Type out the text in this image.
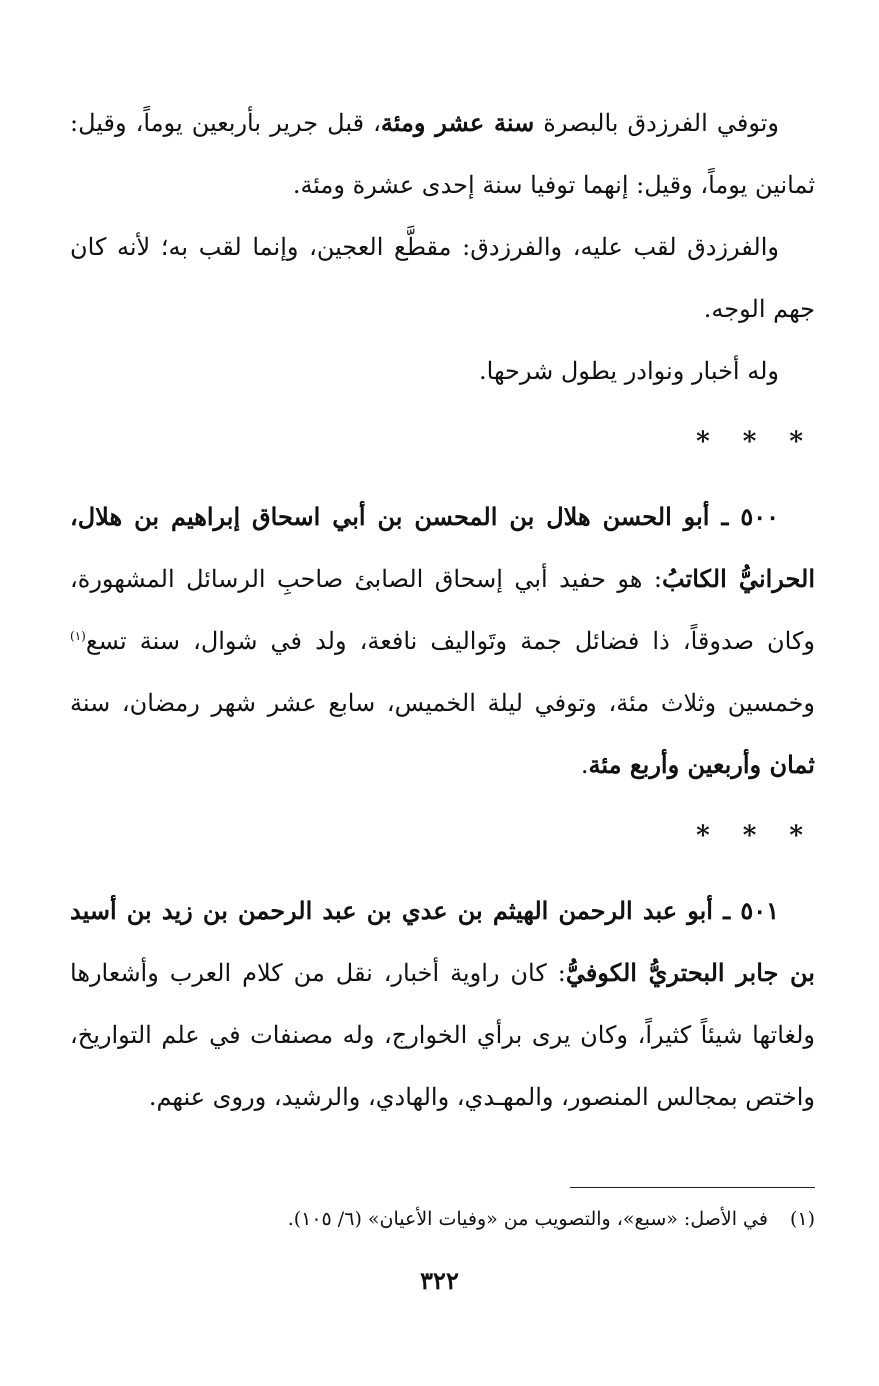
وتوفي الفرزدق بالبصرة سنة عشر ومئة، قبل جرير بأربعين يوماً، وقيل: ثمانين يوماً، وقيل: إنهما توفيا سنة إحدى عشرة ومئة.

والفرزدق لقب عليه، والفرزدق: مقطَّع العجين، وإنما لقب به؛ لأنه كان جهم الوجه.

وله أخبار ونوادر يطول شرحها.

* * *

٥٠٠ ـ أبو الحسن هلال بن المحسن بن أبي اسحاق إبراهيم بن هلال، الحرانيُّ الكاتبُ: هو حفيد أبي إسحاق الصابئ صاحبِ الرسائل المشهورة، وكان صدوقاً، ذا فضائل جمة وتَواليف نافعة، ولد في شوال، سنة تسع$^{(١)}$ وخمسين وثلاث مئة، وتوفي ليلة الخميس، سابع عشر شهر رمضان، سنة ثمان وأربعين وأربع مئة.

* * *

٥٠١ ـ أبو عبد الرحمن الهيثم بن عدي بن عبد الرحمن بن زيد بن أسيد بن جابر البحتريُّ الكوفيُّ: كان راوية أخبار، نقل من كلام العرب وأشعارها ولغاتها شيئاً كثيراً، وكان يرى برأي الخوارج، وله مصنفات في علم التواريخ، واختص بمجالس المنصور، والمهـدي، والهادي، والرشيد، وروى عنهم.

(١)في الأصل: «سبع»، والتصويب من «وفيات الأعيان» (٦/ ١٠٥).
٣٢٢
